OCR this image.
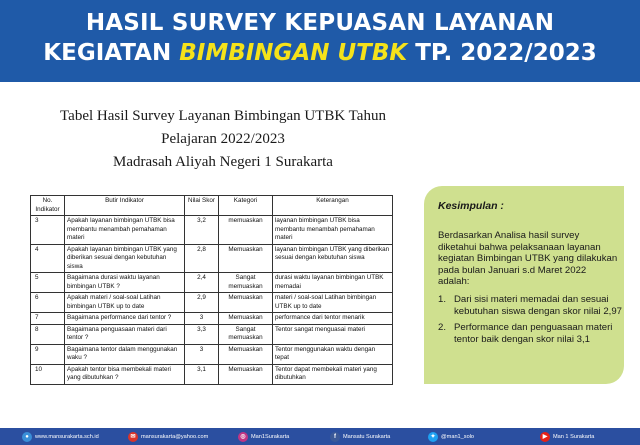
HASIL SURVEY KEPUASAN LAYANAN
KEGIATAN BIMBINGAN UTBK TP. 2022/2023
Tabel Hasil Survey Layanan Bimbingan UTBK Tahun
Pelajaran 2022/2023
Madrasah Aliyah Negeri 1 Surakarta
No. Indikator	Butir Indikator	Nilai Skor	Kategori	Keterangan
3	Apakah layanan bimbingan UTBK bisa membantu menambah pemahaman materi	3,2	memuaskan	layanan bimbingan UTBK bisa membantu menambah pemahaman materi
4	Apakah layanan bimbingan UTBK yang diberikan sesuai dengan kebutuhan siswa	2,8	Memuaskan	layanan bimbingan UTBK yang diberikan sesuai dengan kebutuhan siswa
5	Bagaimana durasi waktu layanan bimbingan UTBK ?	2,4	Sangat memuaskan	durasi waktu layanan bimbingan UTBK memadai
6	Apakah materi / soal-soal Latihan bimbingan UTBK up to date	2,9	Memuaskan	materi / soal-soal Latihan bimbingan UTBK up to date
7	Bagaimana performance dari tentor ?	3	Memuaskan	performance dari tentor menarik
8	Bagaimana penguasaan materi dari tentor ?	3,3	Sangat memuaskan	Tentor sangat menguasai materi
9	Bagaimana tentor dalam menggunakan waku ?	3	Memuaskan	Tentor menggunakan waktu dengan tepat
10	Apakah tentor bisa membekali materi yang dibutuhkan ?	3,1	Memuaskan	Tentor dapat membekali materi yang dibutuhkan
Kesimpulan :
Berdasarkan Analisa hasil survey diketahui bahwa pelaksanaan layanan kegiatan Bimbingan UTBK yang dilakukan pada bulan Januari s.d Maret 2022 adalah:
1. Dari sisi materi memadai dan sesuai kebutuhan siswa dengan skor nilai 2,97
2. Performance dan penguasaan materi tentor baik dengan skor nilai 3,1
●	www.mansurakarta.sch.id	✉ mansurakarta@yahoo.com	◎ Man1Surakarta	f	Mansatu Surakarta	✦ @man1_solo	▶	Man 1 Surakarta
